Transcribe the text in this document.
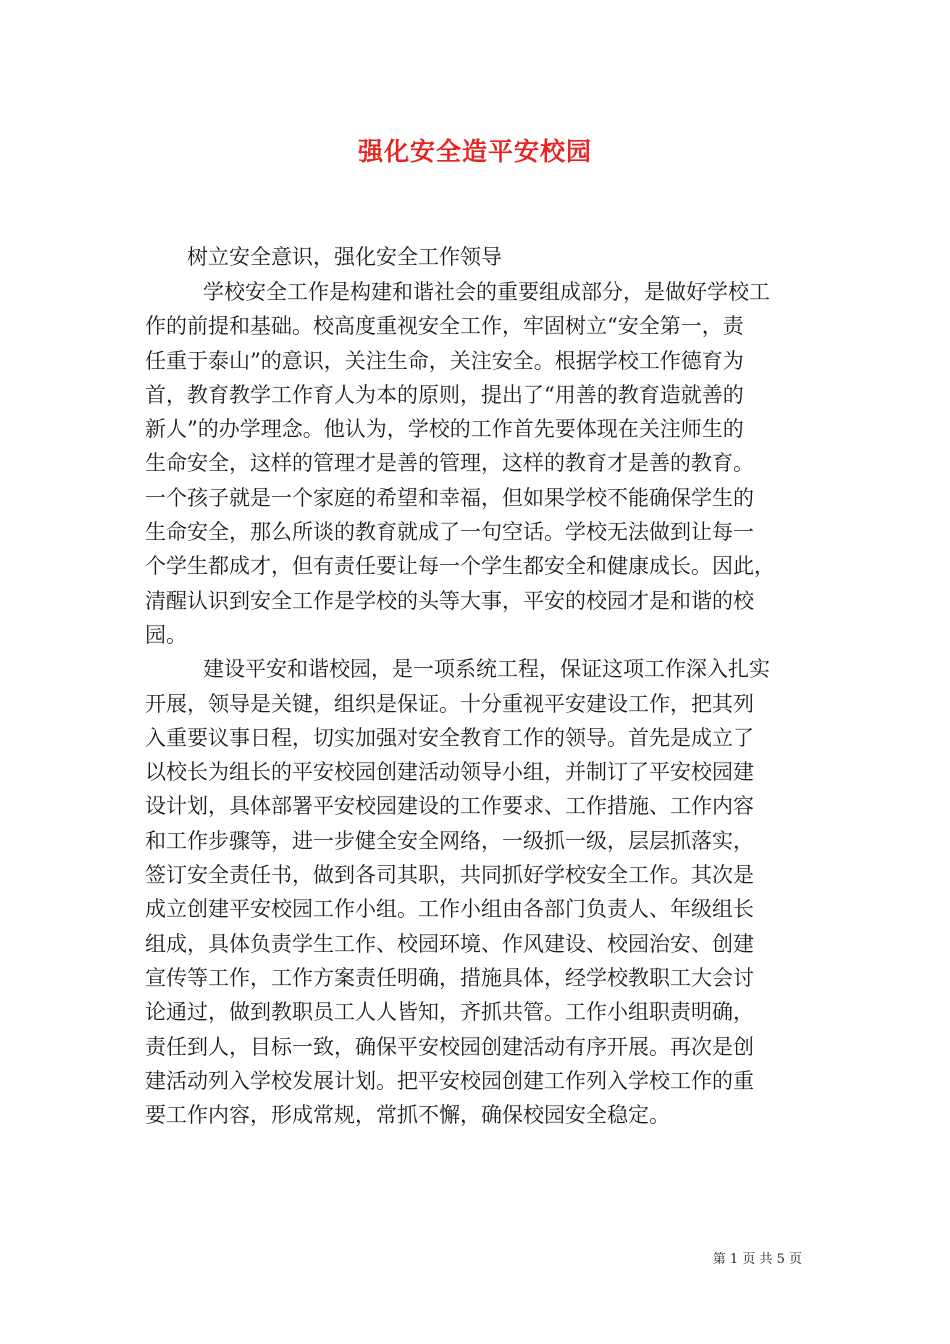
强化安全造平安校园
树立安全意识，强化安全工作领导
学校安全工作是构建和谐社会的重要组成部分，是做好学校工
作的前提和基础。校高度重视安全工作，牢固树立“安全第一，责
任重于泰山”的意识，关注生命，关注安全。根据学校工作德育为
首，教育教学工作育人为本的原则，提出了“用善的教育造就善的
新人”的办学理念。他认为，学校的工作首先要体现在关注师生的
生命安全，这样的管理才是善的管理，这样的教育才是善的教育。
一个孩子就是一个家庭的希望和幸福，但如果学校不能确保学生的
生命安全，那么所谈的教育就成了一句空话。学校无法做到让每一
个学生都成才，但有责任要让每一个学生都安全和健康成长。因此，
清醒认识到安全工作是学校的头等大事，平安的校园才是和谐的校
园。
建设平安和谐校园，是一项系统工程，保证这项工作深入扎实
开展，领导是关键，组织是保证。十分重视平安建设工作，把其列
入重要议事日程，切实加强对安全教育工作的领导。首先是成立了
以校长为组长的平安校园创建活动领导小组，并制订了平安校园建
设计划，具体部署平安校园建设的工作要求、工作措施、工作内容
和工作步骤等，进一步健全安全网络，一级抓一级，层层抓落实，
签订安全责任书，做到各司其职，共同抓好学校安全工作。其次是
成立创建平安校园工作小组。工作小组由各部门负责人、年级组长
组成，具体负责学生工作、校园环境、作风建设、校园治安、创建
宣传等工作，工作方案责任明确，措施具体，经学校教职工大会讨
论通过，做到教职员工人人皆知，齐抓共管。工作小组职责明确，
责任到人，目标一致，确保平安校园创建活动有序开展。再次是创
建活动列入学校发展计划。把平安校园创建工作列入学校工作的重
要工作内容，形成常规，常抓不懈，确保校园安全稳定。
第 1 页 共 5 页
